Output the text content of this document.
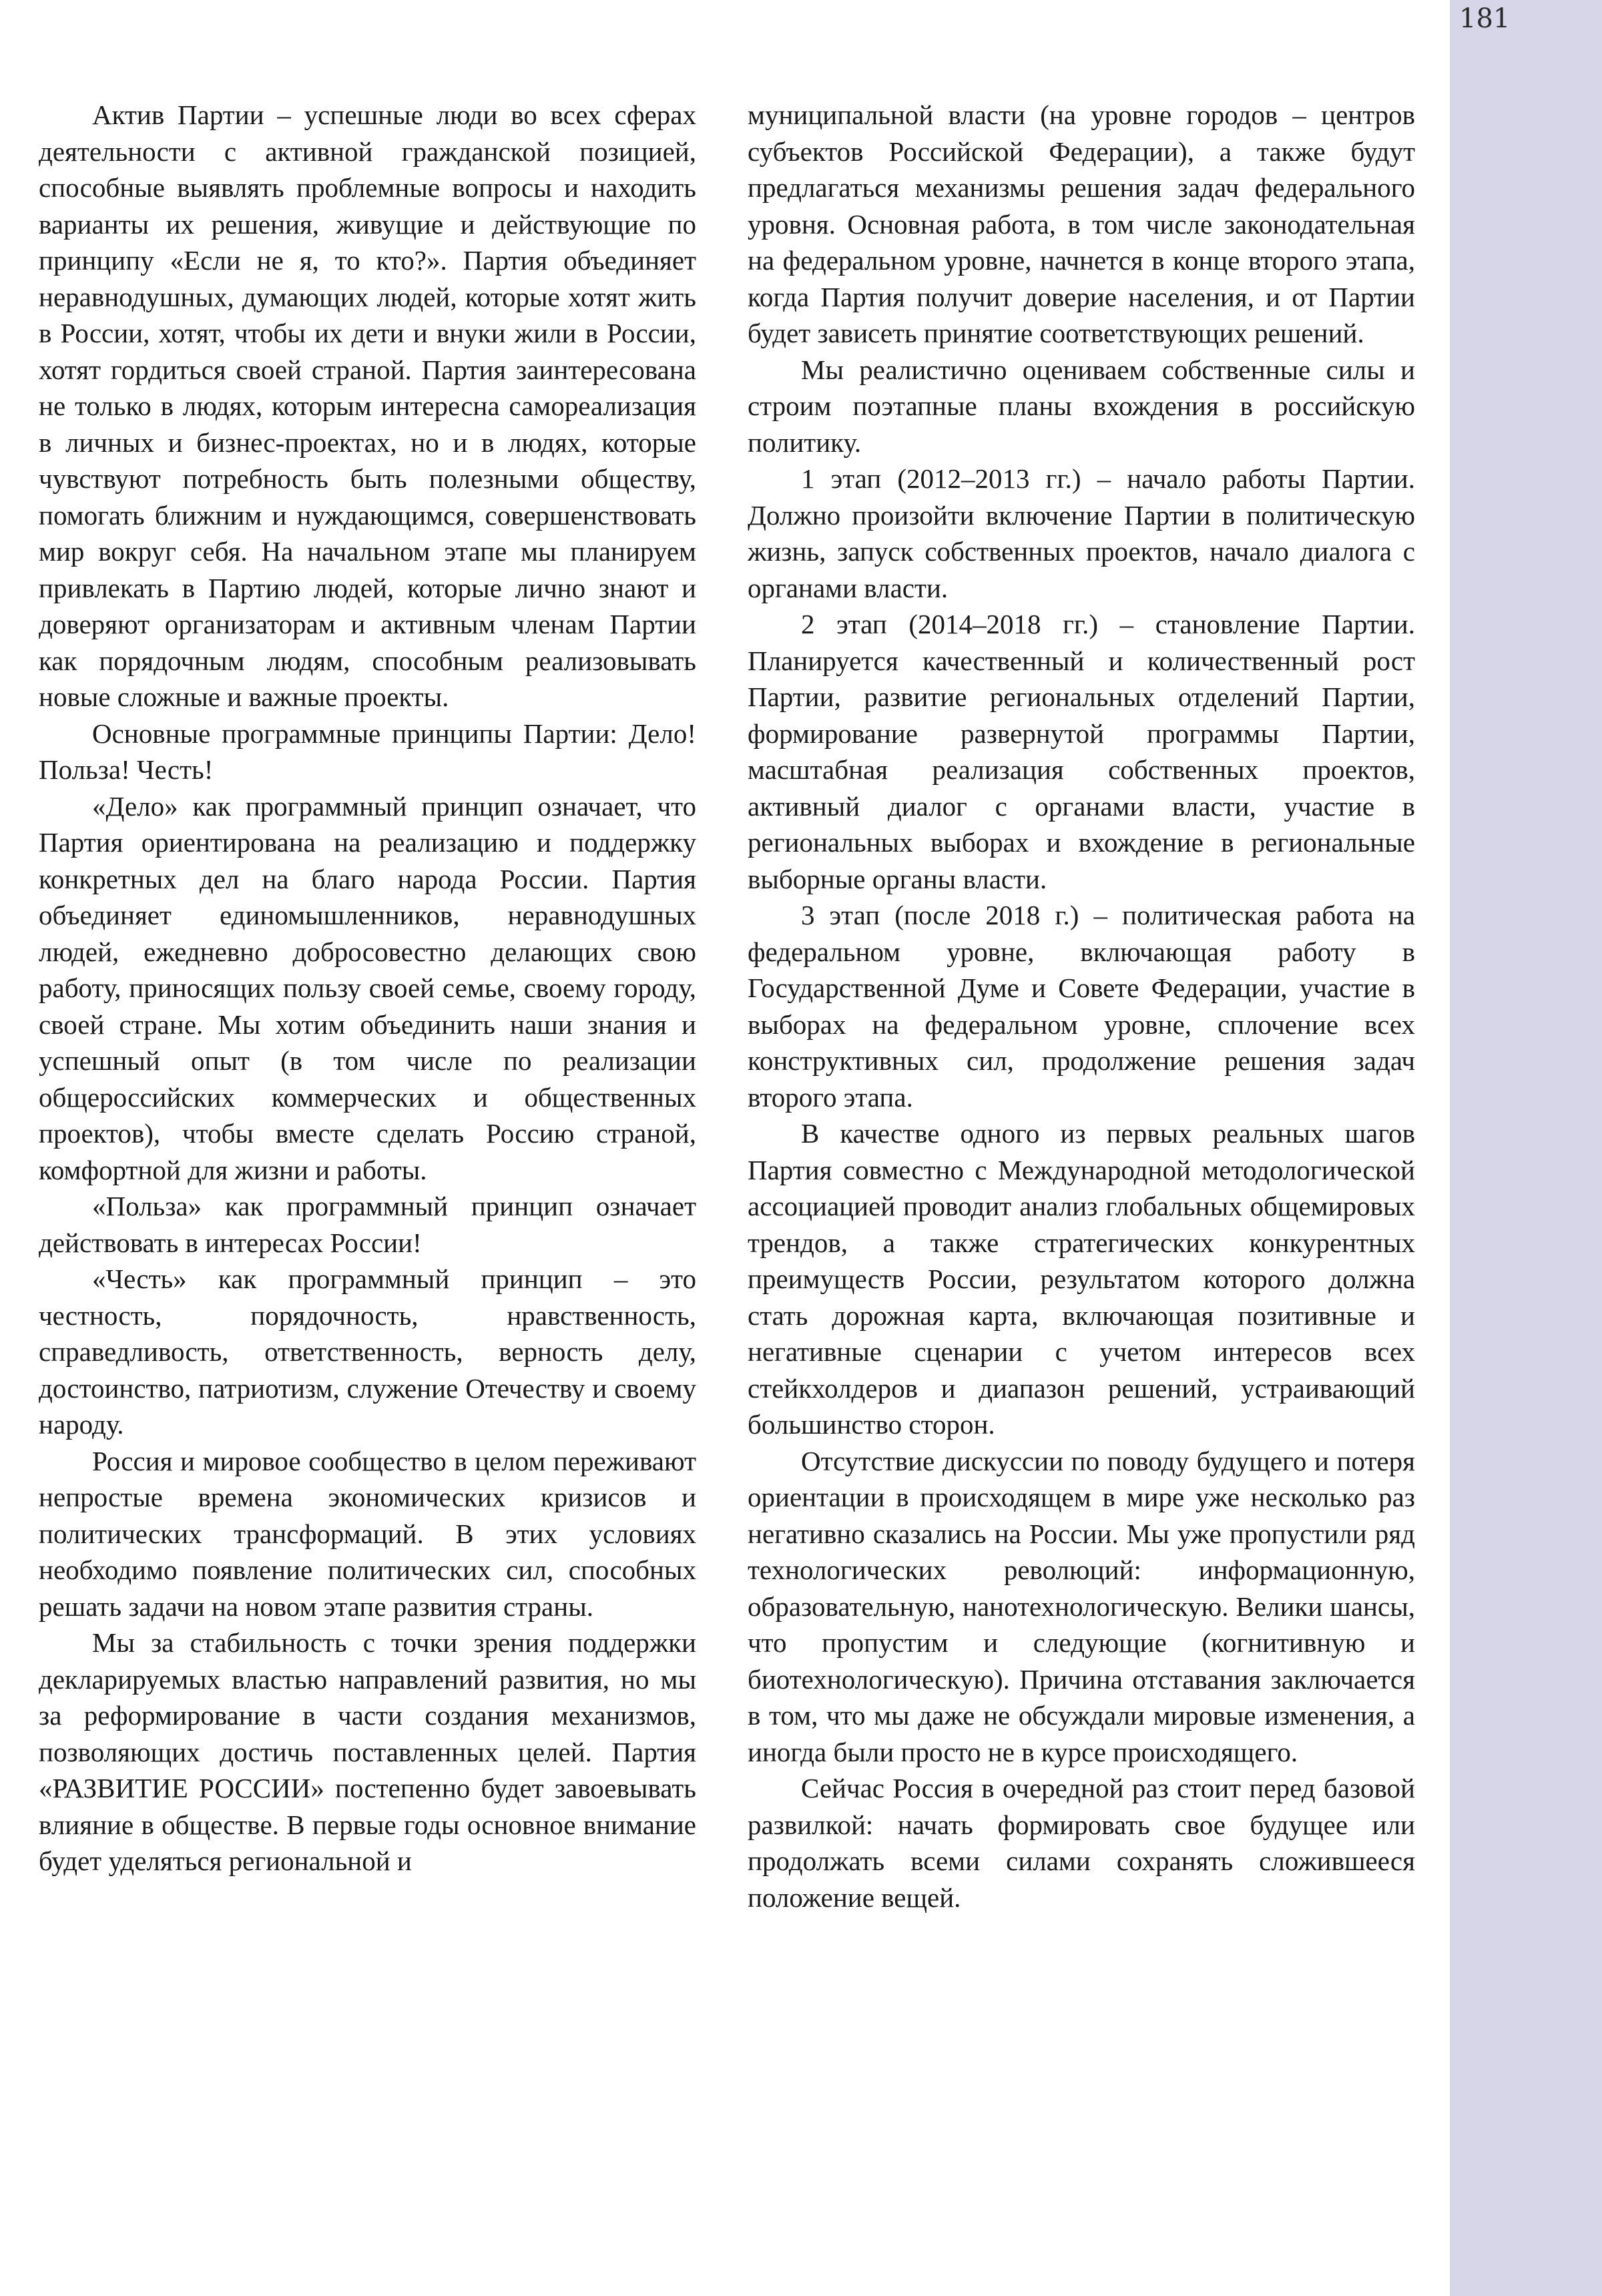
181

Актив Партии – успешные люди во всех сферах деятельности с активной гражданской позицией, способные выявлять проблемные вопросы и находить варианты их решения, живущие и действующие по принципу «Если не я, то кто?». Партия объединяет неравнодушных, думающих людей, которые хотят жить в России, хотят, чтобы их дети и внуки жили в России, хотят гордиться своей страной. Партия заинтересована не только в людях, которым интересна самореализация в личных и бизнес-проектах, но и в людях, которые чувствуют потребность быть полезными обществу, помогать ближним и нуждающимся, совершенствовать мир вокруг себя. На начальном этапе мы планируем привлекать в Партию людей, которые лично знают и доверяют организаторам и активным членам Партии как порядочным людям, способным реализовывать новые сложные и важные проекты.

Основные программные принципы Партии: Дело! Польза! Честь!

«Дело» как программный принцип означает, что Партия ориентирована на реализацию и поддержку конкретных дел на благо народа России. Партия объединяет единомышленников, неравнодушных людей, ежедневно добросовестно делающих свою работу, приносящих пользу своей семье, своему городу, своей стране. Мы хотим объединить наши знания и успешный опыт (в том числе по реализации общероссийских коммерческих и общественных проектов), чтобы вместе сделать Россию страной, комфортной для жизни и работы.

«Польза» как программный принцип означает действовать в интересах России!

«Честь» как программный принцип – это честность, порядочность, нравственность, справедливость, ответственность, верность делу, достоинство, патриотизм, служение Отечеству и своему народу.

Россия и мировое сообщество в целом переживают непростые времена экономических кризисов и политических трансформаций. В этих условиях необходимо появление политических сил, способных решать задачи на новом этапе развития страны.

Мы за стабильность с точки зрения поддержки декларируемых властью направлений развития, но мы за реформирование в части создания механизмов, позволяющих достичь поставленных целей. Партия «РАЗВИТИЕ РОССИИ» постепенно будет завоевывать влияние в обществе. В первые годы основное внимание будет уделяться региональной и

муниципальной власти (на уровне городов – центров субъектов Российской Федерации), а также будут предлагаться механизмы решения задач федерального уровня. Основная работа, в том числе законодательная на федеральном уровне, начнется в конце второго этапа, когда Партия получит доверие населения, и от Партии будет зависеть принятие соответствующих решений.

Мы реалистично оцениваем собственные силы и строим поэтапные планы вхождения в российскую политику.

1 этап (2012–2013 гг.) – начало работы Партии. Должно произойти включение Партии в политическую жизнь, запуск собственных проектов, начало диалога с органами власти.

2 этап (2014–2018 гг.) – становление Партии. Планируется качественный и количественный рост Партии, развитие региональных отделений Партии, формирование развернутой программы Партии, масштабная реализация собственных проектов, активный диалог с органами власти, участие в региональных выборах и вхождение в региональные выборные органы власти.

3 этап (после 2018 г.) – политическая работа на федеральном уровне, включающая работу в Государственной Думе и Совете Федерации, участие в выборах на федеральном уровне, сплочение всех конструктивных сил, продолжение решения задач второго этапа.

В качестве одного из первых реальных шагов Партия совместно с Международной методологической ассоциацией проводит анализ глобальных общемировых трендов, а также стратегических конкурентных преимуществ России, результатом которого должна стать дорожная карта, включающая позитивные и негативные сценарии с учетом интересов всех стейкхолдеров и диапазон решений, устраивающий большинство сторон.

Отсутствие дискуссии по поводу будущего и потеря ориентации в происходящем в мире уже несколько раз негативно сказались на России. Мы уже пропустили ряд технологических революций: информационную, образовательную, нанотехнологическую. Велики шансы, что пропустим и следующие (когнитивную и биотехнологическую). Причина отставания заключается в том, что мы даже не обсуждали мировые изменения, а иногда были просто не в курсе происходящего.

Сейчас Россия в очередной раз стоит перед базовой развилкой: начать формировать свое будущее или продолжать всеми силами сохранять сложившееся положение вещей.
